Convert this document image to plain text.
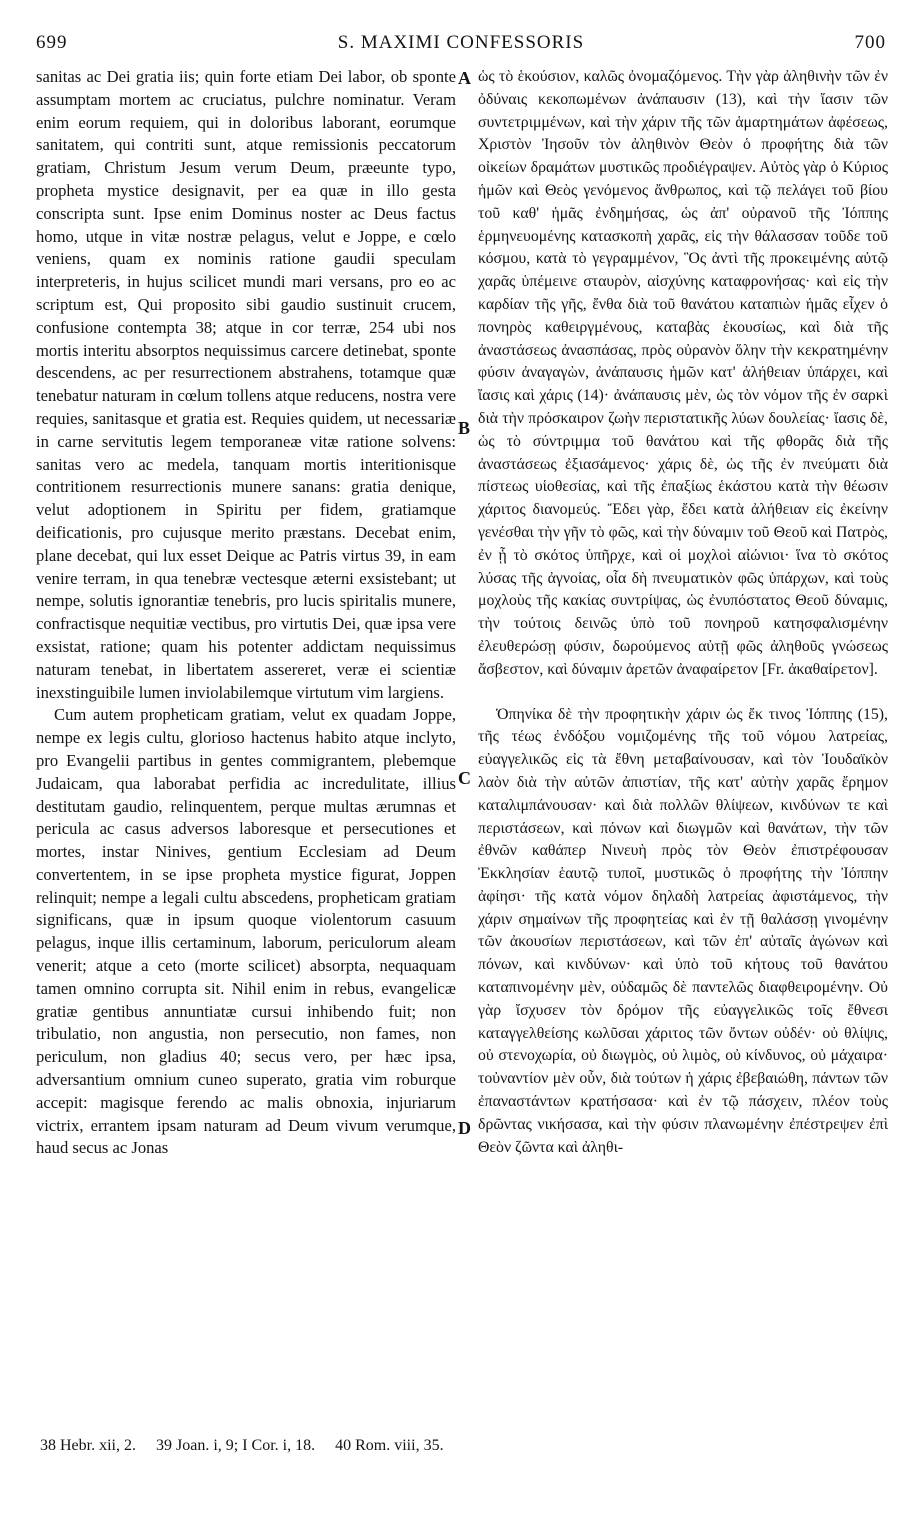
699	S. MAXIMI CONFESSORIS	700

sanitas ac Dei gratia iis; quin forte etiam Dei labor, ob sponte assumptam mortem ac cruciatus, pulchre nominatur. Veram enim eorum requiem, qui in doloribus laborant, eorumque sanitatem, qui contriti sunt, atque remissionis peccatorum gratiam, Christum Jesum verum Deum, præeunte typo, propheta mystice designavit, per ea quæ in illo gesta conscripta sunt. Ipse enim Dominus noster ac Deus factus homo, utque in vitæ nostræ pelagus, velut e Joppe, e cœlo veniens, quam ex nominis ratione gaudii speculam interpreteris, in hujus scilicet mundi mari versans, pro eo ac scriptum est, Qui proposito sibi gaudio sustinuit crucem, confusione contempta 38; atque in cor terræ, 254 ubi nos mortis interitu absorptos nequissimus carcere detinebat, sponte descendens, ac per resurrectionem abstrahens, totamque quæ tenebatur naturam in cœlum tollens atque reducens, nostra vere requies, sanitasque et gratia est. Requies quidem, ut necessariæ in carne servitutis legem temporaneæ vitæ ratione solvens: sanitas vero ac medela, tanquam mortis interitionisque contritionem resurrectionis munere sanans: gratia denique, velut adoptionem in Spiritu per fidem, gratiamque deificationis, pro cujusque merito præstans. Decebat enim, plane decebat, qui lux esset Deique ac Patris virtus 39, in eam venire terram, in qua tenebræ vectesque æterni exsistebant; ut nempe, solutis ignorantiæ tenebris, pro lucis spiritalis munere, confractisque nequitiæ vectibus, pro virtutis Dei, quæ ipsa vere exsistat, ratione; quam his potenter addictam nequissimus naturam tenebat, in libertatem assereret, veræ ei scientiæ inexstinguibile lumen inviolabilemque virtutum vim largiens.

Cum autem propheticam gratiam, velut ex quadam Joppe, nempe ex legis cultu, glorioso hactenus habito atque inclyto, pro Evangelii partibus in gentes commigrantem, plebemque Judaicam, qua laborabat perfidia ac incredulitate, illius destitutam gaudio, relinquentem, perque multas ærumnas et pericula ac casus adversos laboresque et persecutiones et mortes, instar Ninives, gentium Ecclesiam ad Deum convertentem, in se ipse propheta mystice figurat, Joppen relinquit; nempe a legali cultu abscedens, propheticam gratiam significans, quæ in ipsum quoque violentorum casuum pelagus, inque illis certaminum, laborum, periculorum aleam venerit; atque a ceto (morte scilicet) absorpta, nequaquam tamen omnino corrupta sit. Nihil enim in rebus, evangelicæ gratiæ gentibus annuntiatæ cursui inhibendo fuit; non tribulatio, non angustia, non persecutio, non fames, non periculum, non gladius 40; secus vero, per hæc ipsa, adversantium omnium cuneo superato, gratia vim roburque accepit: magisque ferendo ac malis obnoxia, injuriarum victrix, errantem ipsam naturam ad Deum vivum verumque, haud secus ac Jonas

A
B
C
D

ὡς τὸ ἑκούσιον, καλῶς ὀνομαζόμενος. Τὴν γὰρ ἀληθινὴν τῶν ἐν ὀδύναις κεκοπωμένων ἀνάπαυσιν (13), καὶ τὴν ἴασιν τῶν συντετριμμένων, καὶ τὴν χάριν τῆς τῶν ἁμαρτημάτων ἀφέσεως, Χριστὸν Ἰησοῦν τὸν ἀληθινὸν Θεὸν ὁ προφήτης διὰ τῶν οἰκείων δραμάτων μυστικῶς προδιέγραψεν. Αὐτὸς γὰρ ὁ Κύριος ἡμῶν καὶ Θεὸς γενόμενος ἄνθρωπος, καὶ τῷ πελάγει τοῦ βίου τοῦ καθ' ἡμᾶς ἐνδημήσας, ὡς ἀπ' οὐρανοῦ τῆς Ἰόππης ἑρμηνευομένης κατασκοπὴ χαρᾶς, εἰς τὴν θάλασσαν τοῦδε τοῦ κόσμου, κατὰ τὸ γεγραμμένον, Ὃς ἀντὶ τῆς προκειμένης αὐτῷ χαρᾶς ὑπέμεινε σταυρὸν, αἰσχύνης καταφρονήσας· καὶ εἰς τὴν καρδίαν τῆς γῆς, ἔνθα διὰ τοῦ θανάτου καταπιὼν ἡμᾶς εἶχεν ὁ πονηρὸς καθειργμένους, καταβὰς ἑκουσίως, καὶ διὰ τῆς ἀναστάσεως ἀνασπάσας, πρὸς οὐρανὸν ὅλην τὴν κεκρατημένην φύσιν ἀναγαγὼν, ἀνάπαυσις ἡμῶν κατ' ἀλήθειαν ὑπάρχει, καὶ ἴασις καὶ χάρις (14)· ἀνάπαυσις μὲν, ὡς τὸν νόμον τῆς ἐν σαρκὶ διὰ τὴν πρόσκαιρον ζωὴν περιστατικῆς λύων δουλείας· ἴασις δὲ, ὡς τὸ σύντριμμα τοῦ θανάτου καὶ τῆς φθορᾶς διὰ τῆς ἀναστάσεως ἐξιασάμενος· χάρις δὲ, ὡς τῆς ἐν πνεύματι διὰ πίστεως υἱοθεσίας, καὶ τῆς ἐπαξίως ἑκάστου κατὰ τὴν θέωσιν χάριτος διανομεύς. Ἔδει γὰρ, ἔδει κατὰ ἀλήθειαν εἰς ἐκείνην γενέσθαι τὴν γῆν τὸ φῶς, καὶ τὴν δύναμιν τοῦ Θεοῦ καὶ Πατρὸς, ἐν ᾗ τὸ σκότος ὑπῆρχε, καὶ οἱ μοχλοὶ αἰώνιοι· ἵνα τὸ σκότος λύσας τῆς ἀγνοίας, οἷα δὴ πνευματικὸν φῶς ὑπάρχων, καὶ τοὺς μοχλοὺς τῆς κακίας συντρίψας, ὡς ἐνυπόστατος Θεοῦ δύναμις, τὴν τούτοις δεινῶς ὑπὸ τοῦ πονηροῦ κατησφαλισμένην ἐλευθερώσῃ φύσιν, δωρούμενος αὐτῇ φῶς ἀληθοῦς γνώσεως ἄσβεστον, καὶ δύναμιν ἀρετῶν ἀναφαίρετον [Fr. ἀκαθαίρετον].

Ὁπηνίκα δὲ τὴν προφητικὴν χάριν ὡς ἔκ τινος Ἰόππης (15), τῆς τέως ἐνδόξου νομιζομένης τῆς τοῦ νόμου λατρείας, εὐαγγελικῶς εἰς τὰ ἔθνη μεταβαίνουσαν, καὶ τὸν Ἰουδαϊκὸν λαὸν διὰ τὴν αὐτῶν ἀπιστίαν, τῆς κατ' αὐτὴν χαρᾶς ἔρημον καταλιμπάνουσαν· καὶ διὰ πολλῶν θλίψεων, κινδύνων τε καὶ περιστάσεων, καὶ πόνων καὶ διωγμῶν καὶ θανάτων, τὴν τῶν ἐθνῶν καθάπερ Νινευὴ πρὸς τὸν Θεὸν ἐπιστρέφουσαν Ἐκκλησίαν ἑαυτῷ τυποῖ, μυστικῶς ὁ προφήτης τὴν Ἰόππην ἀφίησι· τῆς κατὰ νόμον δηλαδὴ λατρείας ἀφιστάμενος, τὴν χάριν σημαίνων τῆς προφητείας καὶ ἐν τῇ θαλάσσῃ γινομένην τῶν ἀκουσίων περιστάσεων, καὶ τῶν ἐπ' αὐταῖς ἀγώνων καὶ πόνων, καὶ κινδύνων· καὶ ὑπὸ τοῦ κήτους τοῦ θανάτου καταπινομένην μὲν, οὐδαμῶς δὲ παντελῶς διαφθειρομένην. Οὐ γὰρ ἴσχυσεν τὸν δρόμον τῆς εὐαγγελικῶς τοῖς ἔθνεσι καταγγελθείσης κωλῦσαι χάριτος τῶν ὄντων οὐδέν· οὐ θλίψις, οὐ στενοχωρία, οὐ διωγμὸς, οὐ λιμὸς, οὐ κίνδυνος, οὐ μάχαιρα· τοὐναντίον μὲν οὖν, διὰ τούτων ἡ χάρις ἐβεβαιώθη, πάντων τῶν ἐπαναστάντων κρατήσασα· καὶ ἐν τῷ πάσχειν, πλέον τοὺς δρῶντας νικήσασα, καὶ τὴν φύσιν πλανωμένην ἐπέστρεψεν ἐπὶ Θεὸν ζῶντα καὶ ἀληθι-

38 Hebr. xii, 2. 39 Joan. i, 9; I Cor. i, 18. 40 Rom. viii, 35.
